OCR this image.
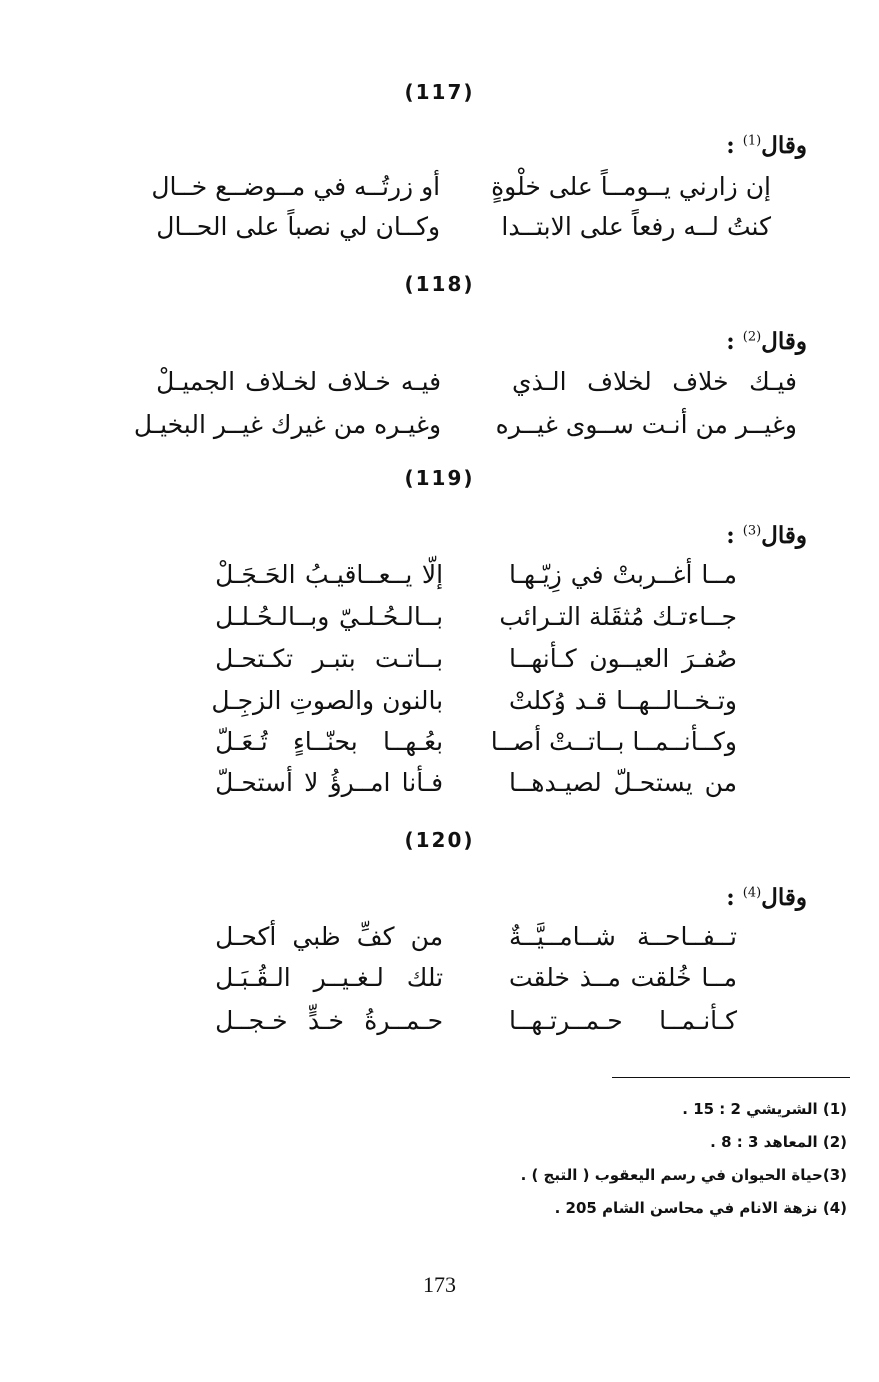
(117)
وقال$^{(1)}$ :
إن زارني يــومــاً على خلْوةٍ  أو زرتُــه في مــوضــع خــال
كنتُ لــه رفعاً على الابتــدا  وكــان لي نصباً على الحــال
(118)
وقال$^{(2)}$ :
فيـك خلاف لخلاف الـذي  فيـه خـلاف لخـلاف الجميـلْ
وغيــر من أنـت ســوى غيــره  وغيـره من غيرك غيــر البخيـل
(119)
وقال$^{(3)}$ :
مــا أغــربتْ في زِيّـهـا  إلّا يــعــاقيـبُ الحَـجَـلْ
جــاءتـك مُثقَلة التـرائب  بــالـحُـلـيّ وبــالـحُـلـل
صُفـرَ العيــون كـأنهــا  بــاتـت بتبـر تكـتحـل
وتـخــالــهــا قـد وُكلتْ  بالنون والصوتِ الزجِـل
وكــأنــمــا بــاتــتْ أصــا  بعُـهــا بحنّــاءٍ تُـعَـلّ
من يستحـلّ لصيـدهــا  فـأنا امــرؤُ لا أستحـلّ
(120)
وقال$^{(4)}$ :
تــفــاحــة شــامــيَّــةٌ  من كفِّ ظبي أكحـل
مــا خُلقت مــذ خلقت  تلك لـغـيــر الـقُـبَـل
كـأنـمــا حـمــرتـهــا  حـمــرةُ خـدٍّ خـجــل
(1) الشريشي 2 : 15 .
(2) المعاهد 3 : 8 .
(3)حياة الحيوان في رسم اليعقوب ( التبج ) .
(4) نزهة الانام في محاسن الشام 205 .
173
